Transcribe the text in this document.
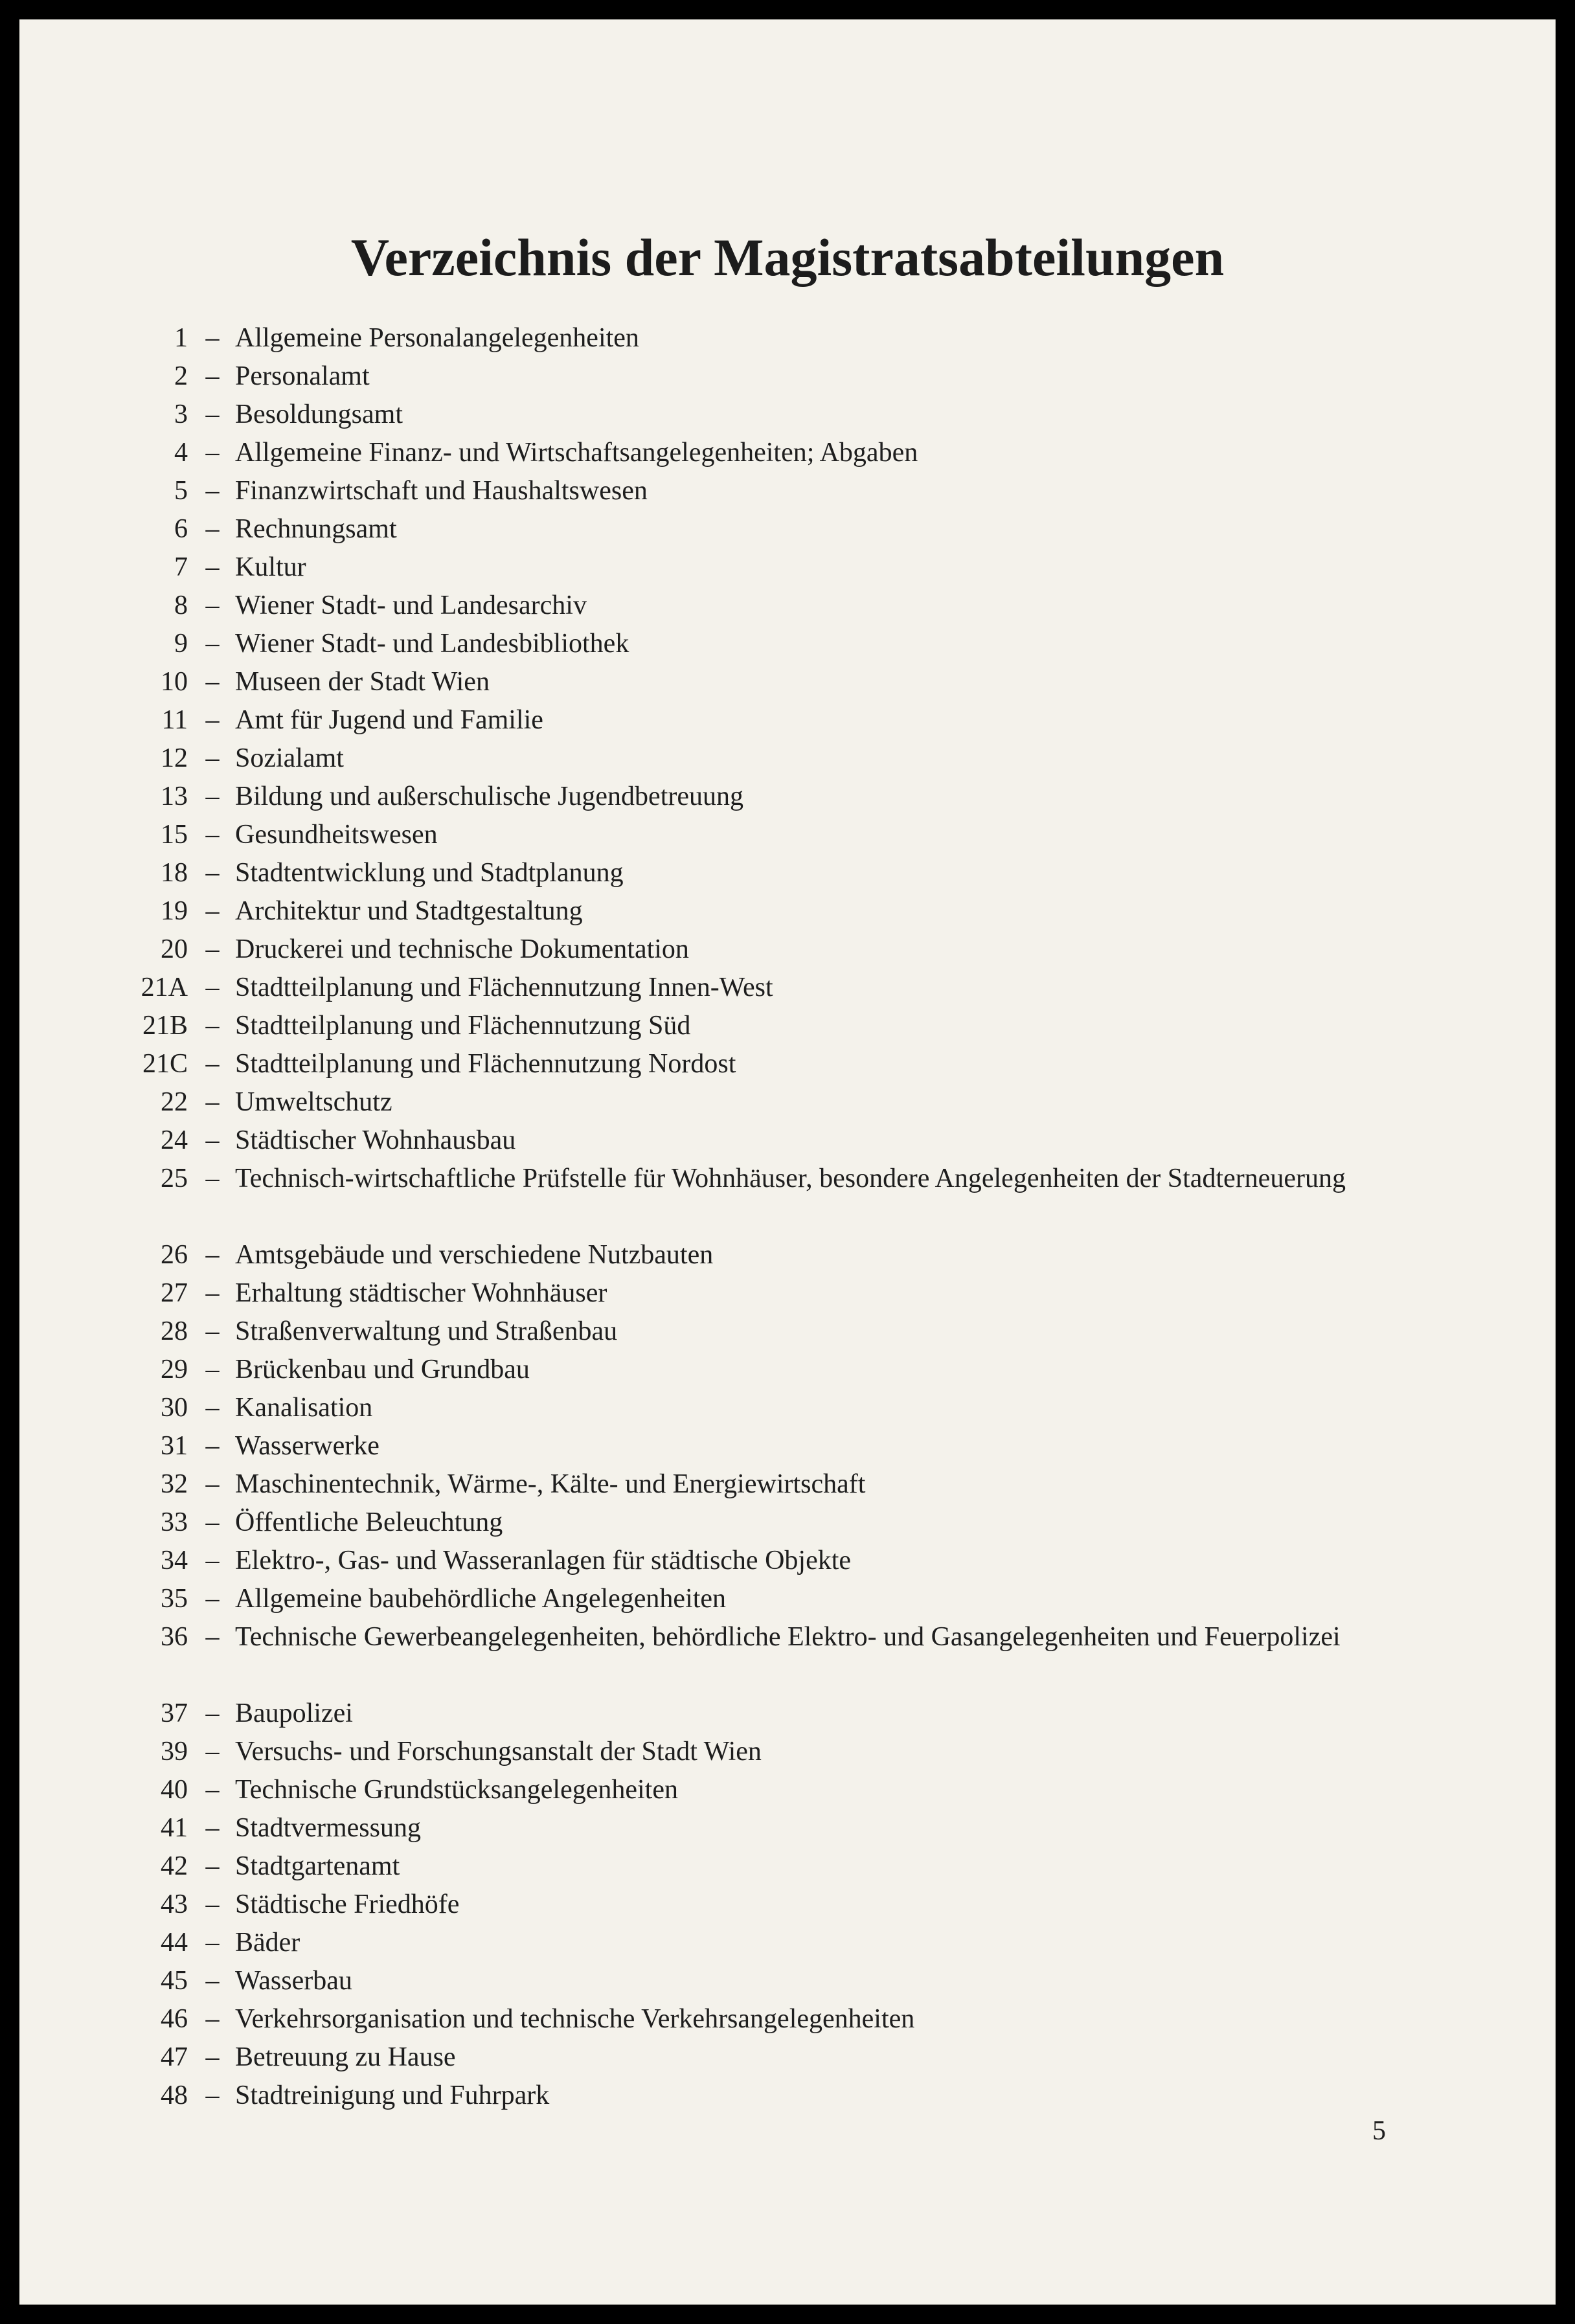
Verzeichnis der Magistratsabteilungen
1 – Allgemeine Personalangelegenheiten
2 – Personalamt
3 – Besoldungsamt
4 – Allgemeine Finanz- und Wirtschaftsangelegenheiten; Abgaben
5 – Finanzwirtschaft und Haushaltswesen
6 – Rechnungsamt
7 – Kultur
8 – Wiener Stadt- und Landesarchiv
9 – Wiener Stadt- und Landesbibliothek
10 – Museen der Stadt Wien
11 – Amt für Jugend und Familie
12 – Sozialamt
13 – Bildung und außerschulische Jugendbetreuung
15 – Gesundheitswesen
18 – Stadtentwicklung und Stadtplanung
19 – Architektur und Stadtgestaltung
20 – Druckerei und technische Dokumentation
21A – Stadtteilplanung und Flächennutzung Innen-West
21B – Stadtteilplanung und Flächennutzung Süd
21C – Stadtteilplanung und Flächennutzung Nordost
22 – Umweltschutz
24 – Städtischer Wohnhausbau
25 – Technisch-wirtschaftliche Prüfstelle für Wohnhäuser, besondere Angelegenheiten der Stadterneuerung
26 – Amtsgebäude und verschiedene Nutzbauten
27 – Erhaltung städtischer Wohnhäuser
28 – Straßenverwaltung und Straßenbau
29 – Brückenbau und Grundbau
30 – Kanalisation
31 – Wasserwerke
32 – Maschinentechnik, Wärme-, Kälte- und Energiewirtschaft
33 – Öffentliche Beleuchtung
34 – Elektro-, Gas- und Wasseranlagen für städtische Objekte
35 – Allgemeine baubehördliche Angelegenheiten
36 – Technische Gewerbeangelegenheiten, behördliche Elektro- und Gasangelegenheiten und Feuerpolizei
37 – Baupolizei
39 – Versuchs- und Forschungsanstalt der Stadt Wien
40 – Technische Grundstücksangelegenheiten
41 – Stadtvermessung
42 – Stadtgartenamt
43 – Städtische Friedhöfe
44 – Bäder
45 – Wasserbau
46 – Verkehrsorganisation und technische Verkehrsangelegenheiten
47 – Betreuung zu Hause
48 – Stadtreinigung und Fuhrpark
5
